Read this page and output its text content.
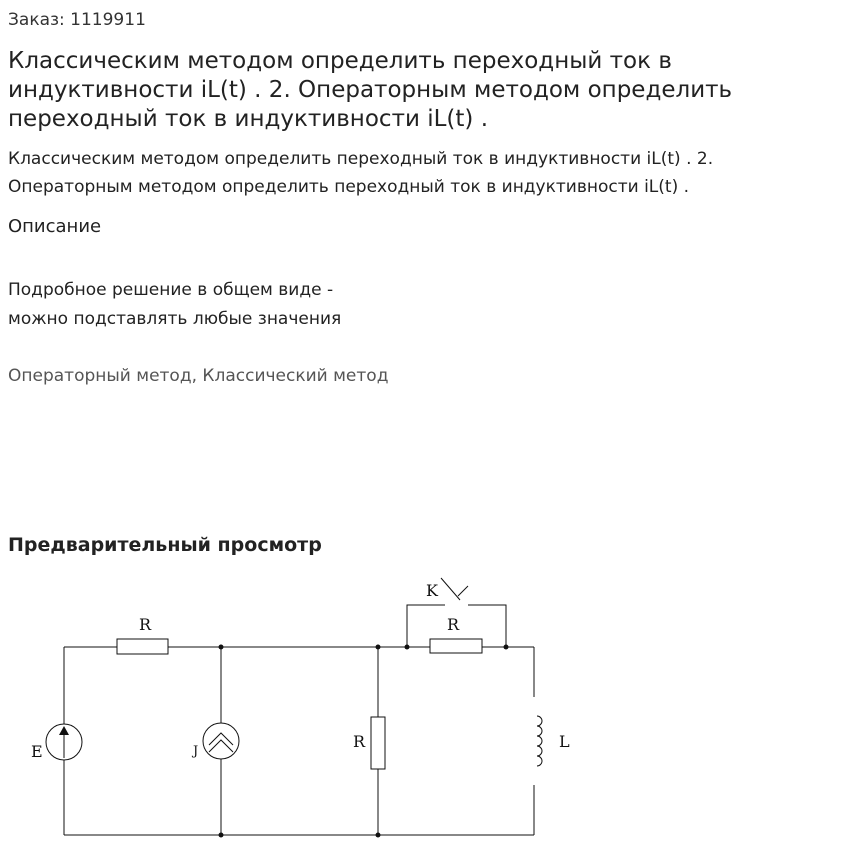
Заказ: 1119911
Классическим методом определить переходный ток в индуктивности iL(t) . 2. Операторным методом определить переходный ток в индуктивности iL(t) .

Классическим методом определить переходный ток в индуктивности iL(t) . 2. Операторным методом определить переходный ток в индуктивности iL(t) .

Описание
Подробное решение в общем виде -
можно подставлять любые значения
Операторный метод, Классический метод
Предварительный просмотр
R
K
R
E	J
R	L
